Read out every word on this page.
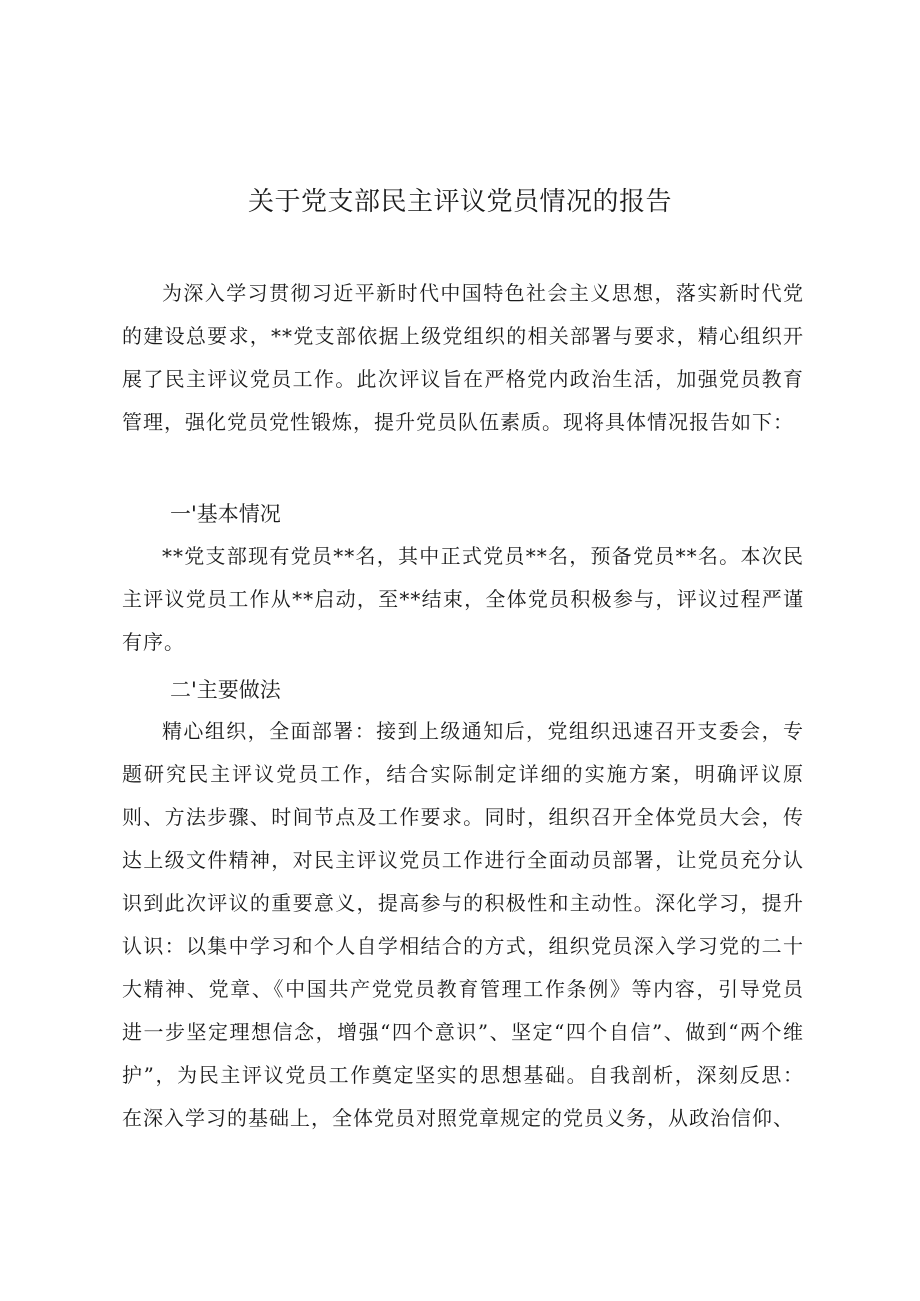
关于党支部民主评议党员情况的报告

为深入学习贯彻习近平新时代中国特色社会主义思想，落实新时代党的建设总要求，**党支部依据上级党组织的相关部署与要求，精心组织开展了民主评议党员工作。此次评议旨在严格党内政治生活，加强党员教育管理，强化党员党性锻炼，提升党员队伍素质。现将具体情况报告如下：

一'基本情况

**党支部现有党员**名，其中正式党员**名，预备党员**名。本次民主评议党员工作从**启动，至**结束，全体党员积极参与，评议过程严谨有序。

二'主要做法

精心组织，全面部署：接到上级通知后，党组织迅速召开支委会，专题研究民主评议党员工作，结合实际制定详细的实施方案，明确评议原则、方法步骤、时间节点及工作要求。同时，组织召开全体党员大会，传达上级文件精神，对民主评议党员工作进行全面动员部署，让党员充分认识到此次评议的重要意义，提高参与的积极性和主动性。深化学习，提升认识：以集中学习和个人自学相结合的方式，组织党员深入学习党的二十大精神、党章、《中国共产党党员教育管理工作条例》等内容，引导党员进一步坚定理想信念，增强“四个意识”、坚定“四个自信”、做到“两个维护”，为民主评议党员工作奠定坚实的思想基础。自我剖析，深刻反思：在深入学习的基础上，全体党员对照党章规定的党员义务，从政治信仰、
